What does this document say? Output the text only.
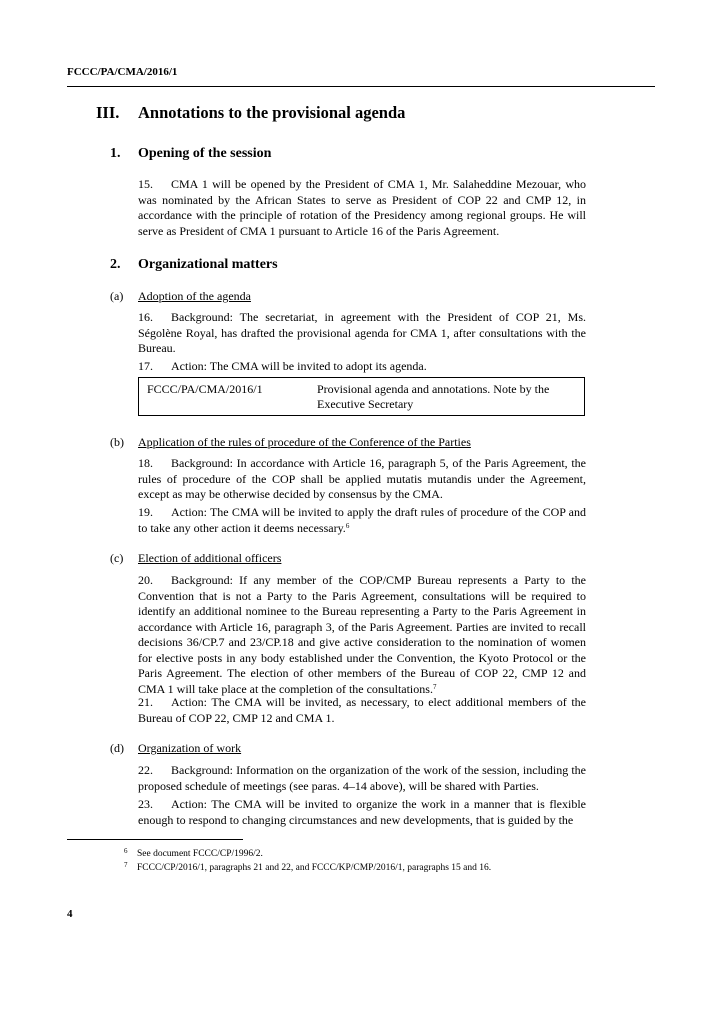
FCCC/PA/CMA/2016/1
III. Annotations to the provisional agenda
1. Opening of the session

15. CMA 1 will be opened by the President of CMA 1, Mr. Salaheddine Mezouar, who was nominated by the African States to serve as President of COP 22 and CMP 12, in accordance with the principle of rotation of the Presidency among regional groups. He will serve as President of CMA 1 pursuant to Article 16 of the Paris Agreement.

2. Organizational matters
(a) Adoption of the agenda

16. Background: The secretariat, in agreement with the President of COP 21, Ms. Ségolène Royal, has drafted the provisional agenda for CMA 1, after consultations with the Bureau.

17. Action: The CMA will be invited to adopt its agenda.

FCCC/PA/CMA/2016/1	Provisional agenda and annotations. Note by the Executive Secretary
(b) Application of the rules of procedure of the Conference of the Parties

18. Background: In accordance with Article 16, paragraph 5, of the Paris Agreement, the rules of procedure of the COP shall be applied mutatis mutandis under the Agreement, except as may be otherwise decided by consensus by the CMA.

19. Action: The CMA will be invited to apply the draft rules of procedure of the COP and to take any other action it deems necessary.$^6$

(c) Election of additional officers

20. Background: If any member of the COP/CMP Bureau represents a Party to the Convention that is not a Party to the Paris Agreement, consultations will be required to identify an additional nominee to the Bureau representing a Party to the Paris Agreement in accordance with Article 16, paragraph 3, of the Paris Agreement. Parties are invited to recall decisions 36/CP.7 and 23/CP.18 and give active consideration to the nomination of women for elective posts in any body established under the Convention, the Kyoto Protocol or the Paris Agreement. The election of other members of the Bureau of COP 22, CMP 12 and CMA 1 will take place at the completion of the consultations.$^7$

21. Action: The CMA will be invited, as necessary, to elect additional members of the Bureau of COP 22, CMP 12 and CMA 1.

(d) Organization of work

22. Background: Information on the organization of the work of the session, including the proposed schedule of meetings (see paras. 4–14 above), will be shared with Parties.

23. Action: The CMA will be invited to organize the work in a manner that is flexible enough to respond to changing circumstances and new developments, that is guided by the

6 See document FCCC/CP/1996/2.
7 FCCC/CP/2016/1, paragraphs 21 and 22, and FCCC/KP/CMP/2016/1, paragraphs 15 and 16.
4
